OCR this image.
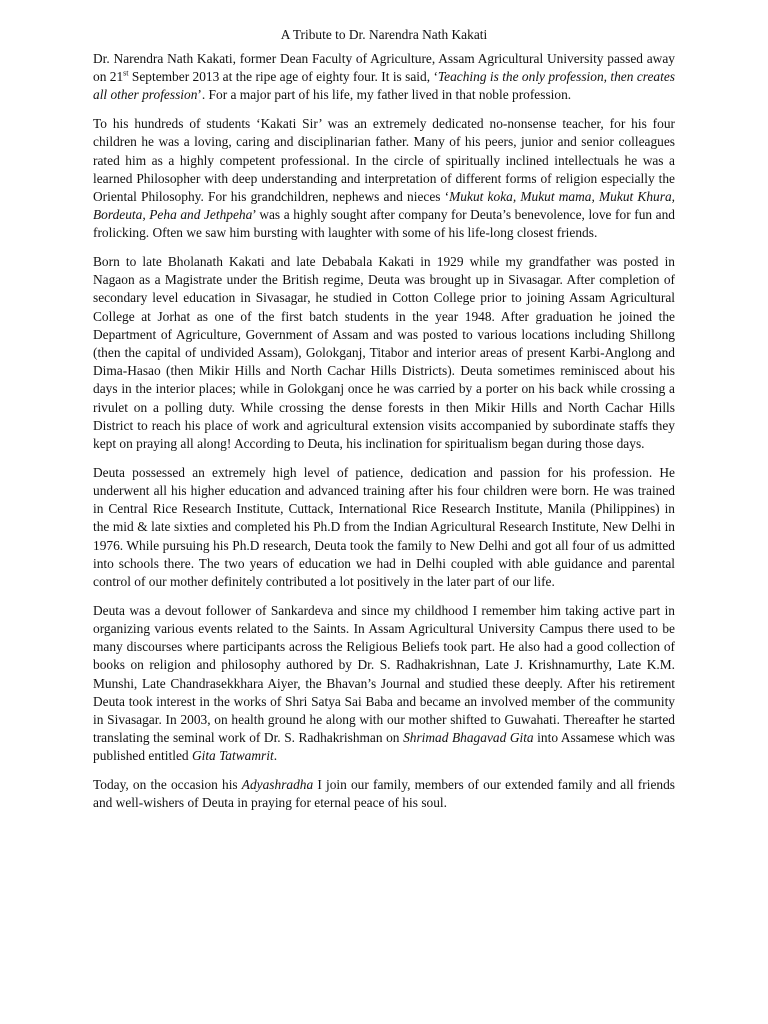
A Tribute to Dr. Narendra Nath Kakati

Dr. Narendra Nath Kakati, former Dean Faculty of Agriculture, Assam Agricultural University passed away on 21st September 2013 at the ripe age of eighty four. It is said, ‘Teaching is the only profession, then creates all other profession’. For a major part of his life, my father lived in that noble profession.

To his hundreds of students ‘Kakati Sir’ was an extremely dedicated no-nonsense teacher, for his four children he was a loving, caring and disciplinarian father. Many of his peers, junior and senior colleagues rated him as a highly competent professional. In the circle of spiritually inclined intellectuals he was a learned Philosopher with deep understanding and interpretation of different forms of religion especially the Oriental Philosophy. For his grandchildren, nephews and nieces ‘Mukut koka, Mukut mama, Mukut Khura, Bordeuta, Peha and Jethpeha’ was a highly sought after company for Deuta’s benevolence, love for fun and frolicking. Often we saw him bursting with laughter with some of his life-long closest friends.

Born to late Bholanath Kakati and late Debabala Kakati in 1929 while my grandfather was posted in Nagaon as a Magistrate under the British regime, Deuta was brought up in Sivasagar. After completion of secondary level education in Sivasagar, he studied in Cotton College prior to joining Assam Agricultural College at Jorhat as one of the first batch students in the year 1948. After graduation he joined the Department of Agriculture, Government of Assam and was posted to various locations including Shillong (then the capital of undivided Assam), Golokganj, Titabor and interior areas of present Karbi-Anglong and Dima-Hasao (then Mikir Hills and North Cachar Hills Districts). Deuta sometimes reminisced about his days in the interior places; while in Golokganj once he was carried by a porter on his back while crossing a rivulet on a polling duty. While crossing the dense forests in then Mikir Hills and North Cachar Hills District to reach his place of work and agricultural extension visits accompanied by subordinate staffs they kept on praying all along! According to Deuta, his inclination for spiritualism began during those days.

Deuta possessed an extremely high level of patience, dedication and passion for his profession. He underwent all his higher education and advanced training after his four children were born. He was trained in Central Rice Research Institute, Cuttack, International Rice Research Institute, Manila (Philippines) in the mid & late sixties and completed his Ph.D from the Indian Agricultural Research Institute, New Delhi in 1976. While pursuing his Ph.D research, Deuta took the family to New Delhi and got all four of us admitted into schools there. The two years of education we had in Delhi coupled with able guidance and parental control of our mother definitely contributed a lot positively in the later part of our life.

Deuta was a devout follower of Sankardeva and since my childhood I remember him taking active part in organizing various events related to the Saints. In Assam Agricultural University Campus there used to be many discourses where participants across the Religious Beliefs took part. He also had a good collection of books on religion and philosophy authored by Dr. S. Radhakrishnan, Late J. Krishnamurthy, Late K.M. Munshi, Late Chandrasekkhara Aiyer, the Bhavan’s Journal and studied these deeply. After his retirement Deuta took interest in the works of Shri Satya Sai Baba and became an involved member of the community in Sivasagar. In 2003, on health ground he along with our mother shifted to Guwahati. Thereafter he started translating the seminal work of Dr. S. Radhakrishman on Shrimad Bhagavad Gita into Assamese which was published entitled Gita Tatwamrit.

Today, on the occasion his Adyashradha I join our family, members of our extended family and all friends and well-wishers of Deuta in praying for eternal peace of his soul.
